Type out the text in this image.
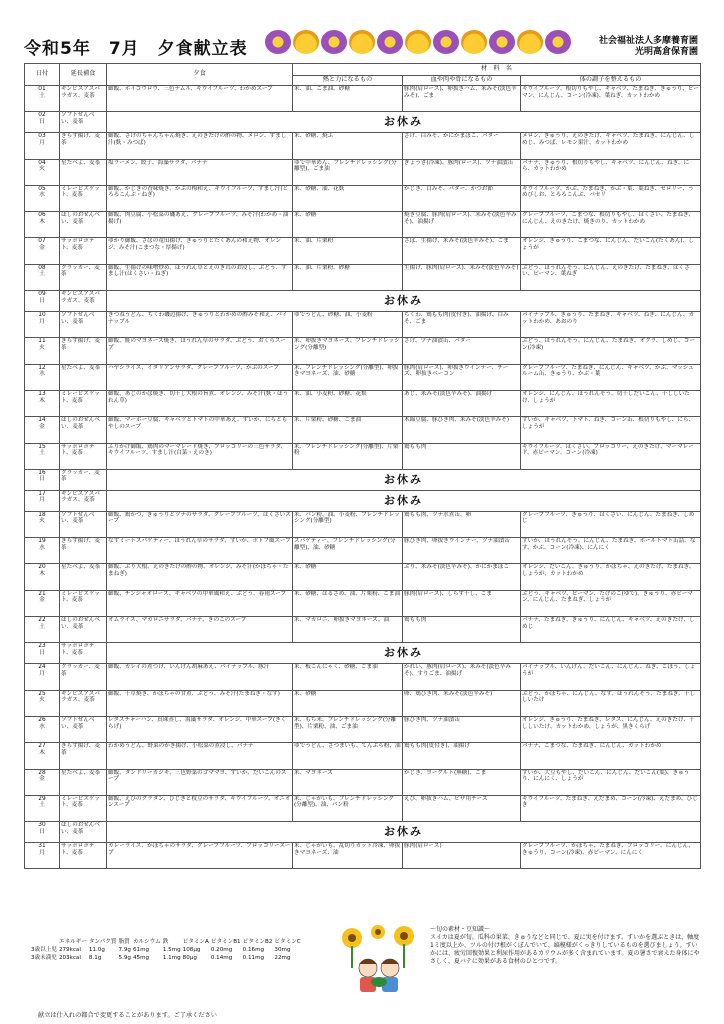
令和5年　7月　夕食献立表	社会福祉法人多摩養育園
光明高倉保育園
日付	延長補食	夕食	材　料　名		
			熱と力になるもの	血や肉や骨になるもの	体の調子を整えるもの

01
土	ギンビスアスパラガス、麦茶	御飯、ホイコウロウ、三色ナムル、キウイフルーツ、わかめスープ	米、油、ごま油、砂糖	豚肉(肩ロース)、卵抜きハム、米みそ(淡色辛みそ)、ごま	キウイフルーツ、根切りもやし、キャベツ、たまねぎ、きゅうり、ピーマン、にんじん、コーン(冷凍)、葉ねぎ、カットわかめ

02
日	ソフトせんべい、麦茶	お休み			

03
月	きらず揚げ、麦茶	御飯、さけのちゃんちゃん焼き、えのきたけの酢の物、メロン、すまし汁(麩・みつば)	米、砂糖、焼ふ	さけ、白みそ、かにかまぼこ、バター	メロン、きゅうり、えのきたけ、キャベツ、たまねぎ、にんじん、しめじ、みつば、レモン果汁、カットわかめ

04
火	星たべよ、麦茶	塩ラーメン、餃子、海藻サラダ、バナナ	ゆで中華めん、フレンチドレッシング(分離型)、ごま油	ぎょうざ(冷凍)、豚肉(ロース)、ツナ油漬缶	バナナ、きゅうり、根切りもやし、キャベツ、にんじん、ねぎ、にら、カットわかめ

05
水	ミレービスケット、麦茶	御飯、かじきの香味焼き、かぶの梅和え、キウイフルーツ、すまし汁(とろろこんぶ・ねぎ)	米、砂糖、油、花麩	かじき、白みそ、バター、かつお節	キウイフルーツ、かぶ、たまねぎ、かぶ・葉、葉ねぎ、セロリー、うめびしお、とろろこんぶ、パセリ

06
木	ほしのおせんべい、麦茶	御飯、肉豆腐、小松菜の磯あえ、グレープフルーツ、みそ汁(わかめ・油揚げ)	米、砂糖	焼き豆腐、豚肉(肩ロース)、米みそ(淡色辛みそ)、油揚げ	グレープフルーツ、こまつな、根切りもやし、はくさい、たまねぎ、にんじん、えのきたけ、焼きのり、カットわかめ

07
金	サッポロポテト、麦茶	ゆかり御飯、さばの竜田揚げ、きゅうりとたくあんの和え物、オレンジ、みそ汁(こまつな・厚揚げ)	米、油、片栗粉	さば、生揚げ、米みそ(淡色辛みそ)、ごま	オレンジ、きゅうり、こまつな、にんじん、だいこん(たくあん)、しょうが

08
土	クラッカー、麦茶	御飯、生揚げの味噌炒め、ほうれん草とえのき茸のお浸し、ぶどう、すまし汁(はくさい・ねぎ)	米、油、片栗粉、砂糖	生揚げ、豚肉(肩ロース)、米みそ(淡色辛みそ)	ぶどう、ほうれんそう、にんじん、えのきたけ、たまねぎ、はくさい、ピーマン、葉ねぎ

09
日	ギンビスアスパラガス、麦茶	お休み			

10
月	ソフトせんべい、麦茶	きつねうどん、ちくわ磯辺揚げ、きゅうりとわかめの酢みそ和え、パイナップル	ゆでうどん、砂糖、油、小麦粉	ちくわ、鶏もも肉(皮付き)、油揚げ、白みそ、ごま	パイナップル、きゅうり、たまねぎ、キャベツ、ねぎ、にんじん、カットわかめ、あおのり

11
火	きらず揚げ、麦茶	御飯、鮭のマヨネーズ焼き、ほうれん草のサラダ、ぶどう、おくらスープ	米、卵抜きマヨネーズ、フレンチドレッシング(分離型)	さけ、ツナ油漬缶、バター	ぶどう、ほうれんそう、にんじん、たまねぎ、オクラ、しめじ、コーン(冷凍)

12
水	星たべよ、麦茶	ハヤシライス、イタリアンサラダ、グレープフルーツ、かぶのスープ	米、フレンチドレッシング(分離型)、卵抜きマヨネーズ、油、砂糖	豚肉(肩ロース)、卵抜きウインナー、チーズ、卵抜きベーコン	グレープフルーツ、たまねぎ、にんじん、キャベツ、かぶ、マッシュルーム缶、きゅうり、かぶ・葉

13
木	ミレービスケット、麦茶	御飯、あじのかば焼き、切干し大根の旨煮、オレンジ、みそ汁(麩・ほうれん草)	米、油、小麦粉、砂糖、花麩	あじ、米みそ(淡色辛みそ)、油揚げ	オレンジ、にんじん、ほうれんそう、切干しだいこん、干ししいたけ、しょうが

14
金	ほしのおせんべい、麦茶	御飯、マーボー豆腐、キャベツとトマトの中華あえ、すいか、にらともやしのスープ	米、片栗粉、砂糖、ごま油	木綿豆腐、豚ひき肉、米みそ(淡色辛みそ)	すいか、キャベツ、トマト、ねぎ、コーン缶、根切りもやし、にら、しょうが

15
土	サッポロポテト、麦茶	ふりかけ御飯、鶏肉のマーマレード焼き、ブロッコリーの三色サラダ、キウイフルーツ、すまし汁(白菜・えのき)	米、フレンチドレッシング(分離型)、片栗粉	鶏もも肉	キウイフルーツ、はくさい、ブロッコリー、えのきたけ、マーマレード、赤ピーマン、コーン(冷凍)

16
日	クラッカー、麦茶	お休み			

17
月	ギンビスアスパラガス、麦茶	お休み			

18
火	ソフトせんべい、麦茶	御飯、鶏かつ、きゅうりとツナのサラダ、グレープフルーツ、はくさいスープ	米、パン粉、油、小麦粉、フレンチドレッシング(分離型)	鶏もも肉、ツナ水煮缶、卵	グレープフルーツ、きゅうり、はくさい、にんじん、たまねぎ、しめじ

19
水	きらず揚げ、麦茶	なすミートスパゲティー、ほうれん草のサラダ、すいか、ポトフ風スープ	スパゲティー、フレンチドレッシング(分離型)、油、砂糖	豚ひき肉、卵抜きウインナー、ツナ油漬缶	すいか、ほうれんそう、にんじん、たまねぎ、ホールトマト缶詰、なす、かぶ、コーン(冷凍)、にんにく

20
木	星たべよ、麦茶	御飯、ぶり大根、えのきたけの酢の物、オレンジ、みそ汁(かぼちゃ・たまねぎ)	米、砂糖	ぶり、米みそ(淡色辛みそ)、かにかまぼこ	オレンジ、だいこん、きゅうり、かぼちゃ、えのきたけ、たまねぎ、しょうが、カットわかめ

21
金	ミレービスケット、麦茶	御飯、チンジャオロース、キャベツの中華風和え、ぶどう、春雨スープ	米、砂糖、はるさめ、油、片栗粉、ごま油	豚肉(肩ロース)、しらす干し、ごま	ぶどう、キャベツ、ピーマン、たけのこ(ゆで)、きゅうり、赤ピーマン、にんじん、たまねぎ、しょうが

22
土	ほしのおせんべい、麦茶	オムライス、マカロニサラダ、バナナ、きのこのスープ	米、マカロニ、卵抜きマヨネーズ、油	鶏もも肉	バナナ、たまねぎ、きゅうり、にんじん、キャベツ、えのきたけ、しめじ

23
日	サッポロポテト、麦茶	お休み			

24
月	クラッカー、麦茶	御飯、カレイの煮つけ、いんげん胡麻あえ、パイナップル、豚汁	米、板こんにゃく、砂糖、ごま油	かれい、豚肉(肩ロース)、米みそ(淡色辛みそ)、すりごま、油揚げ	パイナップル、いんげん、だいこん、にんじん、ねぎ、ごぼう、しょうが

25
火	ギンビスアスパラガス、麦茶	御飯、千草焼き、かぼちゃの甘煮、ぶどう、みそ汁(たまねぎ・なす)	米、砂糖	卵、鶏ひき肉、米みそ(淡色辛みそ)	ぶどう、かぼちゃ、にんじん、なす、ほうれんそう、たまねぎ、干ししいたけ

26
水	ソフトせんべい、麦茶	レタスチャーハン、真珠蒸し、海藻サラダ、オレンジ、中華スープ(きくらげ)	米、もち米、フレンチドレッシング(分離型)、片栗粉、油、ごま油	豚ひき肉、ツナ油漬缶	オレンジ、きゅうり、たまねぎ、レタス、にんじん、えのきたけ、干ししいたけ、カットわかめ、しょうが、黒きくらげ

27
木	きらず揚げ、麦茶	わかめうどん、野菜のかき揚げ、小松菜の煮浸し、バナナ	ゆでうどん、さつまいも、てんぷら粉、油	鶏もも肉(皮付き)、油揚げ	バナナ、こまつな、たまねぎ、にんじん、カットわかめ

28
金	星たべよ、麦茶	御飯、タンドリーカジキ、三色野菜のゴママヨ、すいか、だいこんのスープ	米、マヨネーズ	かじき、ヨーグルト(無糖)、ごま	すいか、大豆もやし、だいこん、にんじん、だいこん(葉)、きゅうり、にんにく、しょうが

29
土	ミレービスケット、麦茶	御飯、えびのグラタン、ひじきと枝豆のサラダ、キウイフルーツ、オニオンスープ	米、じゃがいも、フレンチドレッシング(分離型)、油、パン粉	えび、卵抜きハム、ピザ用チーズ	キウイフルーツ、たまねぎ、えだまめ、コーン(冷凍)、えだまめ、ひじき

30
日	ほしのおせんべい、麦茶	お休み			

31
月	サッポロポテト、麦茶	カレーライス、かぼちゃのサラダ、グレープフルーツ、ブロッコリースープ	米、じゃがいも、乱切りカット冷凍、卵抜きマヨネーズ、油	豚肉(肩ロース)	グレープフルーツ、かぼちゃ、たまねぎ、ブロッコリー、にんじん、きゅうり、コーン(冷凍)、赤ピーマン、にんにく
	エネルギー	タンパク質	脂質	カルシウム	鉄	ビタミンA	ビタミンB1	ビタミンB2	ビタミンC
3歳以上児	279kcal	11.0g	7.9g	61mg	1.5mg	108μg	0.20mg	0.16mg	30mg
3歳未満児	203kcal	8.1g	5.9g	45mg	1.1mg	80μg	0.14mg	0.11mg	22mg
～旬の素材・豆知識～
スイカは夏が旬。瓜科の果菜、きゅうなどと同じで、夏に実を付けます。すいかを選ぶときは、軸度1ミ度以上か、ツルの付け根がくぼんでいて、縞模様がくっきりしているものを選びましょう。すいかには、疲労回復効果と利尿作用があるカリウムが多く含まれています。夏の暑さで衰えた身体にやさしく、夏バテに効果がある食材のひとつです。
献立は仕入れの都合で変更することがあります。ご了承ください
